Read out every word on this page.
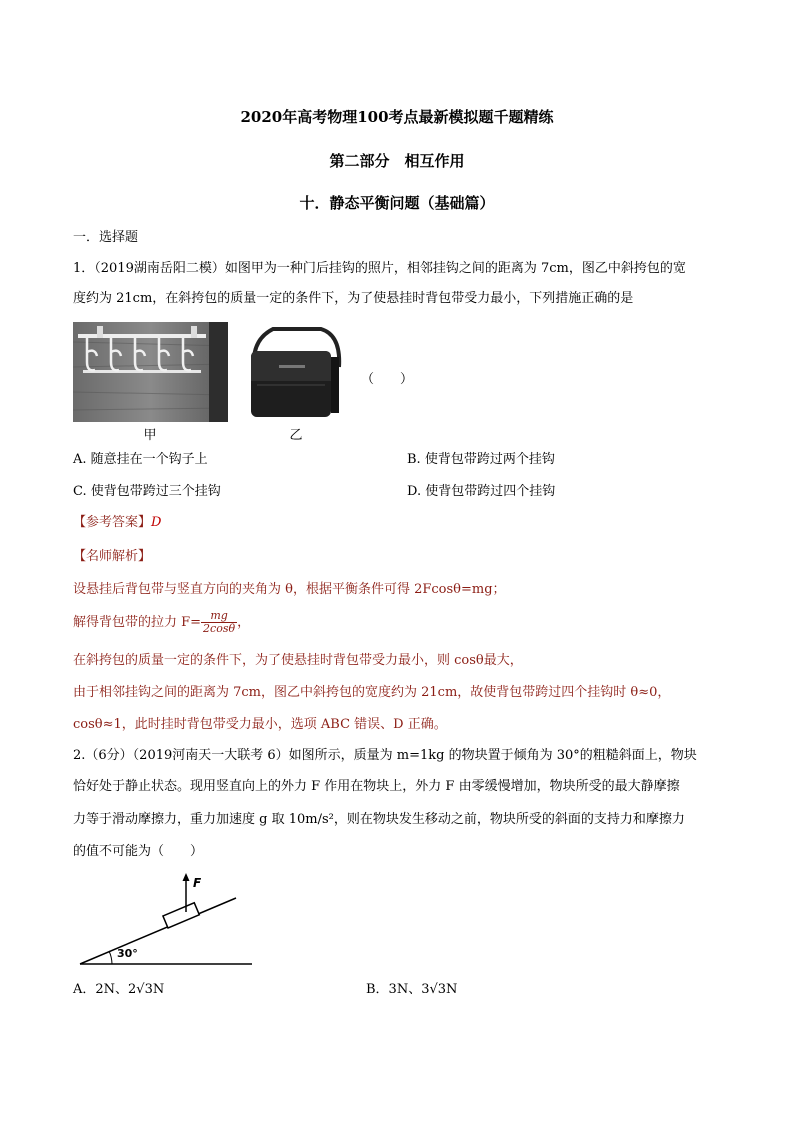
2020年高考物理100考点最新模拟题千题精练
第二部分　相互作用
十．静态平衡问题（基础篇）
一．选择题
1．（2019湖南岳阳二模）如图甲为一种门后挂钩的照片，相邻挂钩之间的距离为 7cm，图乙中斜挎包的宽
度约为 21cm，在斜挎包的质量一定的条件下，为了使悬挂时背包带受力最小，下列措施正确的是
甲	乙
（　　）
A. 随意挂在一个钩子上	B. 使背包带跨过两个挂钩
C. 使背包带跨过三个挂钩	D. 使背包带跨过四个挂钩
【参考答案】D
【名师解析】
设悬挂后背包带与竖直方向的夹角为 θ，根据平衡条件可得 2Fcosθ=mg；
解得背包带的拉力 $F= \frac{mg}{2\cos\theta}$ ，
在斜挎包的质量一定的条件下，为了使悬挂时背包带受力最小，则 cosθ最大，
由于相邻挂钩之间的距离为 7cm，图乙中斜挎包的宽度约为 21cm，故使背包带跨过四个挂钩时 θ≈0，
cosθ≈1，此时挂时背包带受力最小，选项 ABC 错误、D 正确。
2.（6分）（2019河南天一大联考 6）如图所示，质量为 m=1kg 的物块置于倾角为 30°的粗糙斜面上，物块
恰好处于静止状态。现用竖直向上的外力 F 作用在物块上，外力 F 由零缓慢增加，物块所受的最大静摩擦
力等于滑动摩擦力，重力加速度 g 取 10m/s²，则在物块发生移动之前，物块所受的斜面的支持力和摩擦力
的值不可能为（　　）
F
30°
A．2N、2√3N	B．3N、3√3N
